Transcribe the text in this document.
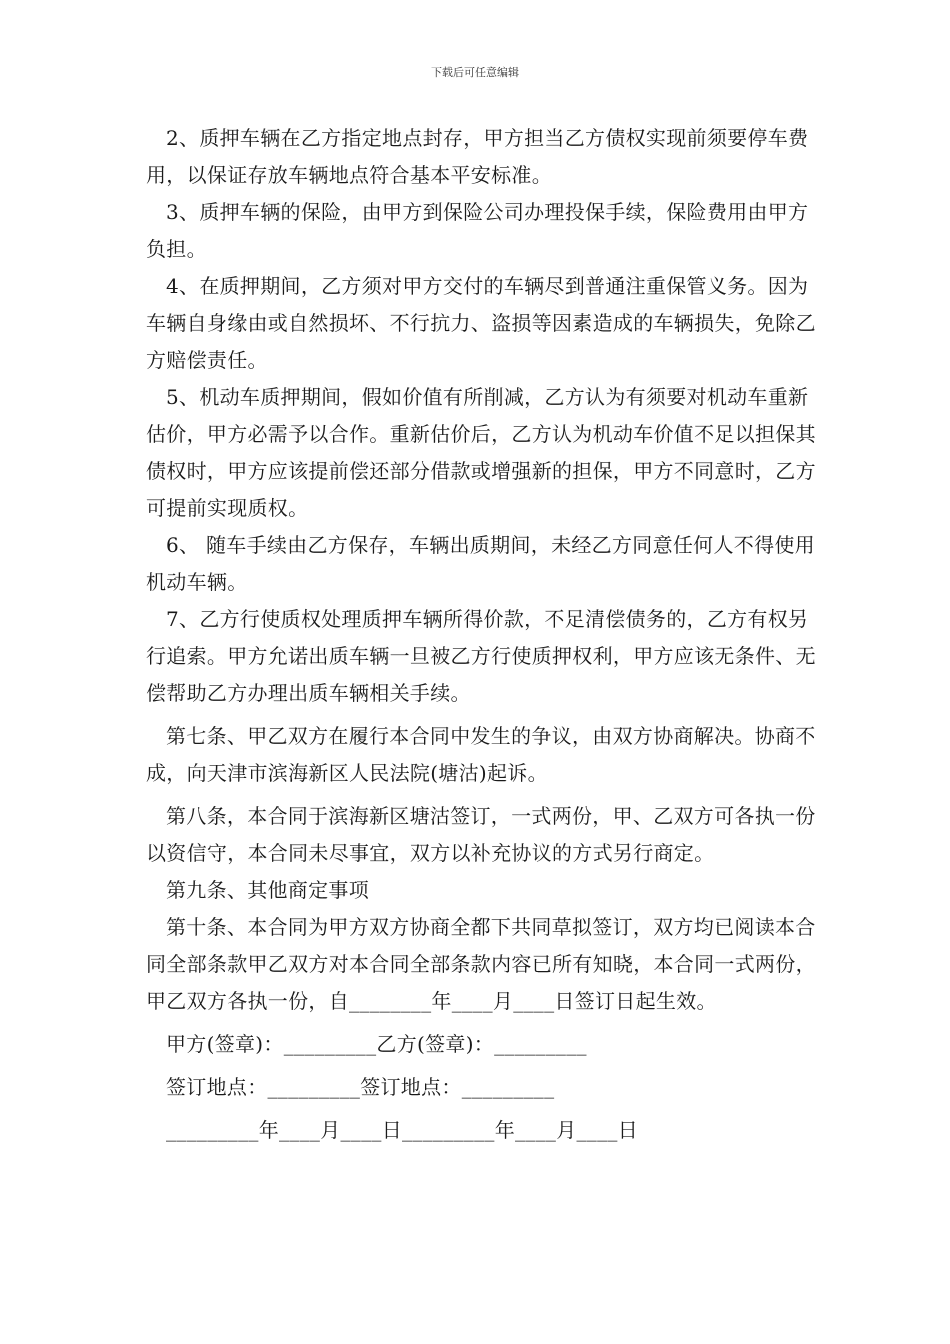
下载后可任意编辑

2、质押车辆在乙方指定地点封存，甲方担当乙方债权实现前须要停车费用，以保证存放车辆地点符合基本平安标准。

3、质押车辆的保险，由甲方到保险公司办理投保手续，保险费用由甲方负担。

4、在质押期间，乙方须对甲方交付的车辆尽到普通注重保管义务。因为车辆自身缘由或自然损坏、不行抗力、盗损等因素造成的车辆损失，免除乙方赔偿责任。

5、机动车质押期间，假如价值有所削减，乙方认为有须要对机动车重新估价，甲方必需予以合作。重新估价后，乙方认为机动车价值不足以担保其债权时，甲方应该提前偿还部分借款或增强新的担保，甲方不同意时，乙方可提前实现质权。

6、 随车手续由乙方保存，车辆出质期间，未经乙方同意任何人不得使用机动车辆。

7、乙方行使质权处理质押车辆所得价款，不足清偿债务的，乙方有权另行追索。甲方允诺出质车辆一旦被乙方行使质押权利，甲方应该无条件、无偿帮助乙方办理出质车辆相关手续。

第七条、甲乙双方在履行本合同中发生的争议，由双方协商解决。协商不成，向天津市滨海新区人民法院(塘沽)起诉。

第八条，本合同于滨海新区塘沽签订，一式两份，甲、乙双方可各执一份以资信守，本合同未尽事宜，双方以补充协议的方式另行商定。

第九条、其他商定事项

第十条、本合同为甲方双方协商全都下共同草拟签订，双方均已阅读本合同全部条款甲乙双方对本合同全部条款内容已所有知晓，本合同一式两份，甲乙双方各执一份，自________年____月____日签订日起生效。

甲方(签章)：_________乙方(签章)：_________

签订地点：_________签订地点：_________

_________年____月____日_________年____月____日
